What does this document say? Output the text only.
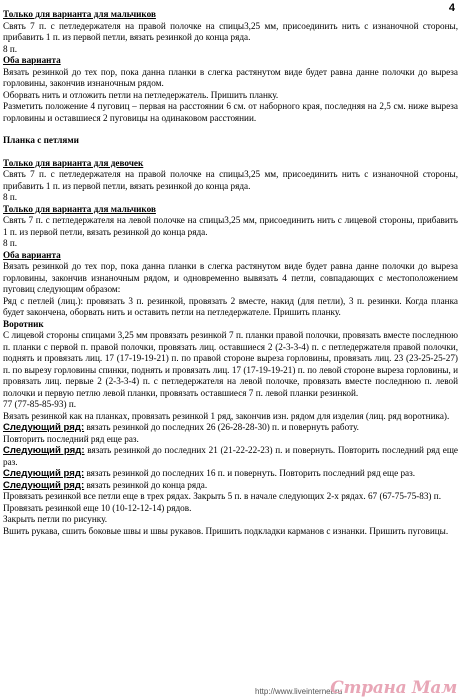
4

Только для варианта для мальчиков

Свять 7 п. с петледержателя на правой полочке на спицы3,25 мм, присоединить нить с изнаночной стороны, прибавить 1 п. из первой петли, вязать резинкой до конца ряда.

8 п.

Оба варианта

Вязать резинкой до тех пор, пока данна планки в слегка растянутом виде будет равна данне полочки до выреза горловины, закончив изнаночным рядом.

Оборвать нить и отложить петли на петледержатель. Пришить планку.

Разметить положение 4 пуговиц – первая на расстоянии 6 см. от наборного края, последняя на 2,5 см. ниже выреза горловины и оставшиеся 2 пуговицы на одинаковом расстоянии.

Планка с петлями

Только для варианта для девочек

Свять 7 п. с петледержателя на правой полочке на спицы3,25 мм, присоединить нить с изнаночной стороны, прибавить 1 п. из первой петли, вязать резинкой до конца ряда.

8 п.

Только для варианта для мальчиков

Свять 7 п. с петледержателя на левой полочке на спицы3,25 мм, присоединить нить с лицевой стороны, прибавить 1 п. из первой петли, вязать резинкой до конца ряда.

8 п.

Оба варианта

Вязать резинкой до тех пор, пока данна планки в слегка растянутом виде будет равна данне полочки до выреза горловины, закончив изнаночным рядом, и одновременно вывязать 4 петли, совпадающих с местоположением пуговиц следующим образом:

Ряд с петлей (лиц.): провязать 3 п. резинкой, провязать 2 вместе, накид (для петли), 3 п. резинки. Когда планка будет закончена, оборвать нить и оставить петли на петледержателе. Пришить планку.

Воротник

С лицевой стороны спицами 3,25 мм провязать резинкой 7 п. планки правой полочки, провязать вместе последнюю п. планки с первой п. правой полочки, провязать лиц. оставшиеся 2 (2-3-3-4) п. с петледержателя правой полочки, поднять и провязать лиц. 17 (17-19-19-21) п. по правой стороне выреза горловины, провязать лиц. 23 (23-25-25-27) п. по вырезу горловины спинки, поднять и провязать лиц. 17 (17-19-19-21) п. по левой стороне выреза горловины, и провязать лиц. первые 2 (2-3-3-4) п. с петледержателя на левой полочке, провязать вместе последнюю п. левой полочки и первую петлю левой планки, провязать оставшиеся 7 п. левой планки резинкой.

77 (77-85-85-93) п.

Вязать резинкой как на планках, провязать резинкой 1 ряд, закончив изн. рядом для изделия (лиц. ряд воротника).

Следующий ряд: вязать резинкой до последних 26 (26-28-28-30) п. и повернуть работу.

Повторить последний ряд еще раз.

Следующий ряд: вязать резинкой до последних 21 (21-22-22-23) п. и повернуть. Повторить последний ряд еще раз.

Следующий ряд: вязать резинкой до последних 16 п. и повернуть. Повторить последний ряд еще раз.

Следующий ряд: вязать резинкой до конца ряда.

Провязать резинкой все петли еще в трех рядах. Закрыть 5 п. в начале следующих 2-х рядах. 67 (67-75-75-83) п.

Провязать резинкой еще 10 (10-12-12-14) рядов.

Закрыть петли по рисунку.

Вшить рукава, сшить боковые швы и швы рукавов. Пришить подкладки карманов с изнанки. Пришить пуговицы.

http://www.liveinternet.ru
Страна Мам
